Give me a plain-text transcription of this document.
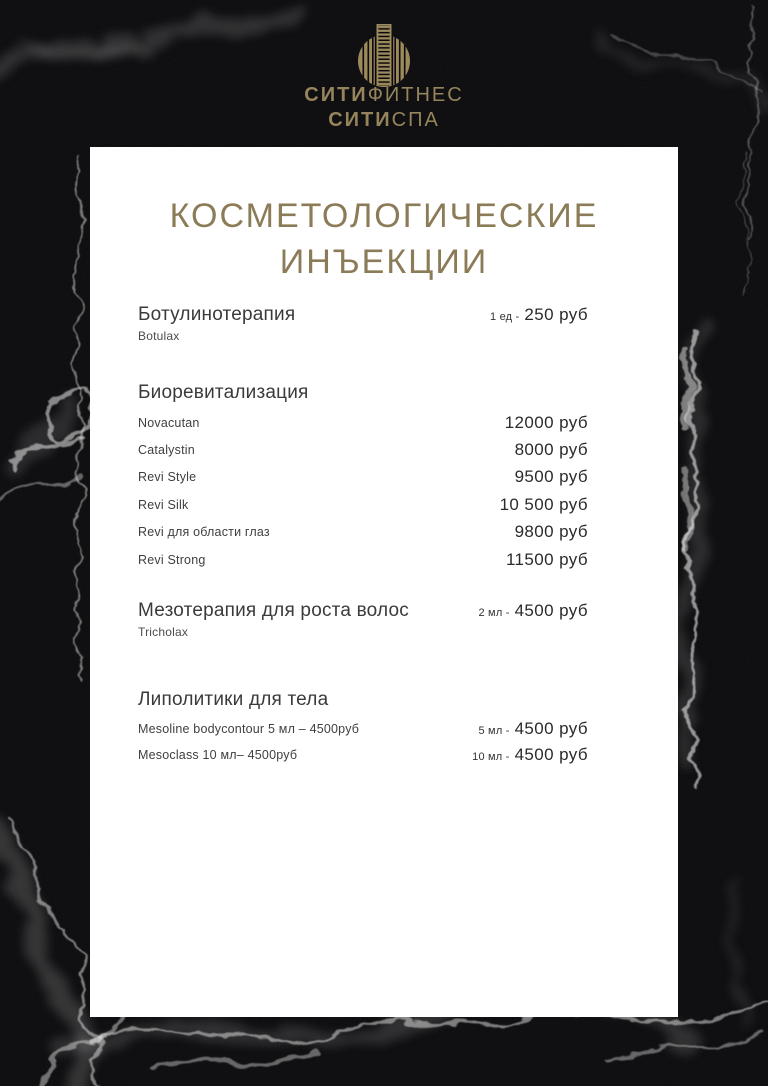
СИТИФИТНЕС
СИТИСПА
КОСМЕТОЛОГИЧЕСКИЕ
ИНЪЕКЦИИ
Ботулинотерапия	1 ед - 250 руб
Botulax
Биоревитализация
Novacutan	12000 руб
Catalystin	8000 руб
Revi Style	9500 руб
Revi Silk	10 500 руб
Revi для области глаз	9800 руб
Revi Strong	11500 руб
Мезотерапия для роста волос	2 мл - 4500 руб
Tricholax
Липолитики для тела
Mesoline bodycontour 5 мл – 4500руб	5 мл - 4500 руб
Mesoclass 10 мл– 4500руб	10 мл - 4500 руб
